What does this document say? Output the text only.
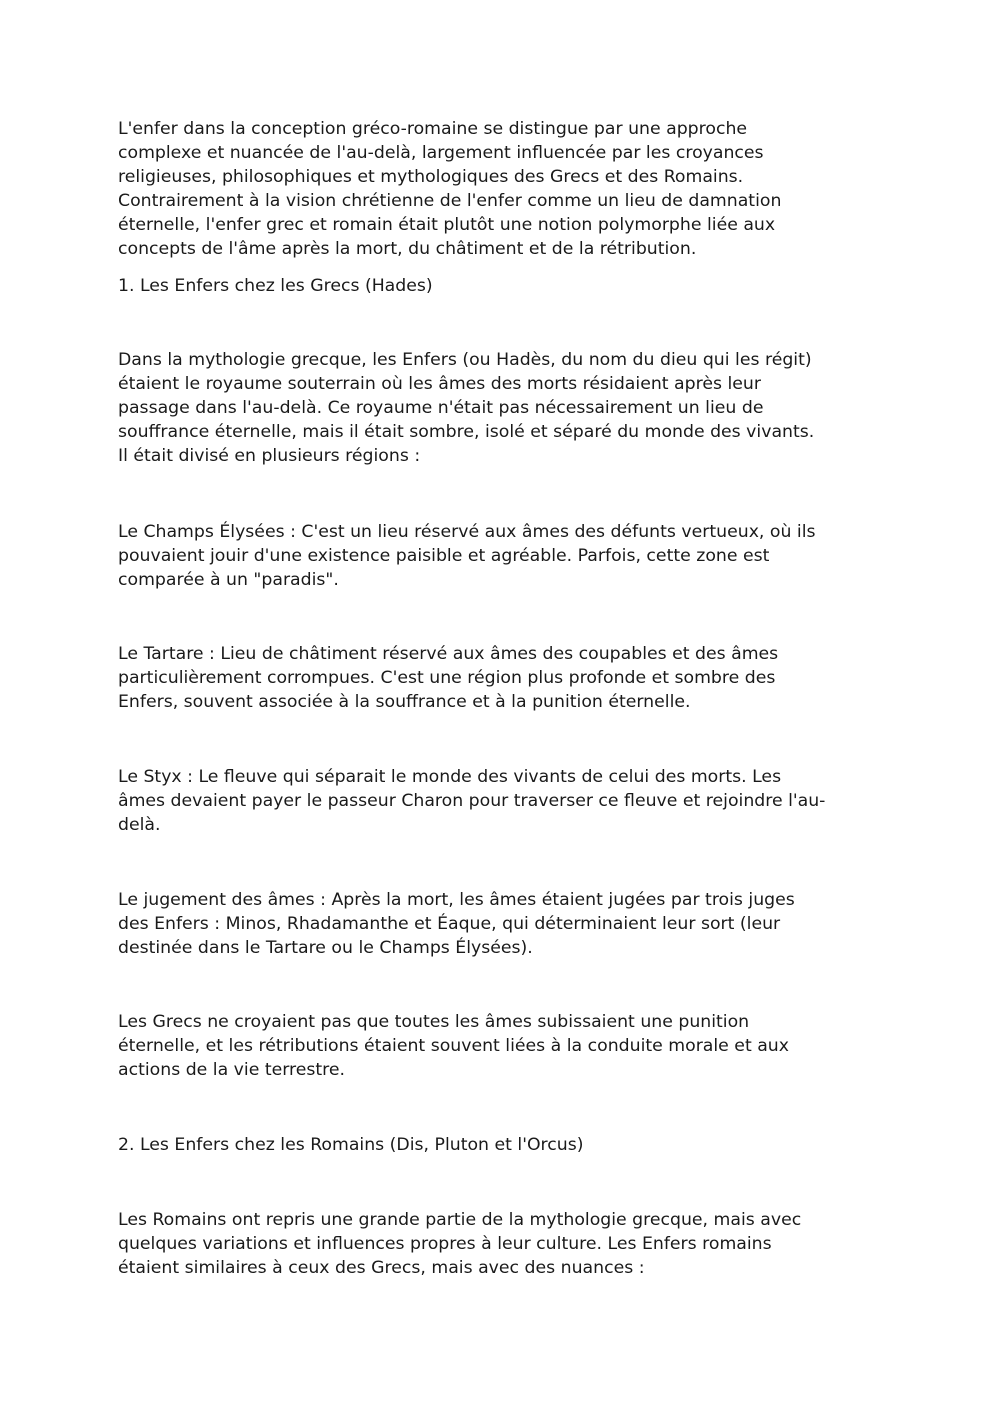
L'enfer dans la conception gréco-romaine se distingue par une approche
complexe et nuancée de l'au-delà, largement influencée par les croyances
religieuses, philosophiques et mythologiques des Grecs et des Romains.
Contrairement à la vision chrétienne de l'enfer comme un lieu de damnation
éternelle, l'enfer grec et romain était plutôt une notion polymorphe liée aux
concepts de l'âme après la mort, du châtiment et de la rétribution.

1. Les Enfers chez les Grecs (Hades)

Dans la mythologie grecque, les Enfers (ou Hadès, du nom du dieu qui les régit)
étaient le royaume souterrain où les âmes des morts résidaient après leur
passage dans l'au-delà. Ce royaume n'était pas nécessairement un lieu de
souffrance éternelle, mais il était sombre, isolé et séparé du monde des vivants.
Il était divisé en plusieurs régions :

Le Champs Élysées : C'est un lieu réservé aux âmes des défunts vertueux, où ils
pouvaient jouir d'une existence paisible et agréable. Parfois, cette zone est
comparée à un "paradis".

Le Tartare : Lieu de châtiment réservé aux âmes des coupables et des âmes
particulièrement corrompues. C'est une région plus profonde et sombre des
Enfers, souvent associée à la souffrance et à la punition éternelle.

Le Styx : Le fleuve qui séparait le monde des vivants de celui des morts. Les
âmes devaient payer le passeur Charon pour traverser ce fleuve et rejoindre l'au-
delà.

Le jugement des âmes : Après la mort, les âmes étaient jugées par trois juges
des Enfers : Minos, Rhadamanthe et Éaque, qui déterminaient leur sort (leur
destinée dans le Tartare ou le Champs Élysées).

Les Grecs ne croyaient pas que toutes les âmes subissaient une punition
éternelle, et les rétributions étaient souvent liées à la conduite morale et aux
actions de la vie terrestre.

2. Les Enfers chez les Romains (Dis, Pluton et l'Orcus)

Les Romains ont repris une grande partie de la mythologie grecque, mais avec
quelques variations et influences propres à leur culture. Les Enfers romains
étaient similaires à ceux des Grecs, mais avec des nuances :
